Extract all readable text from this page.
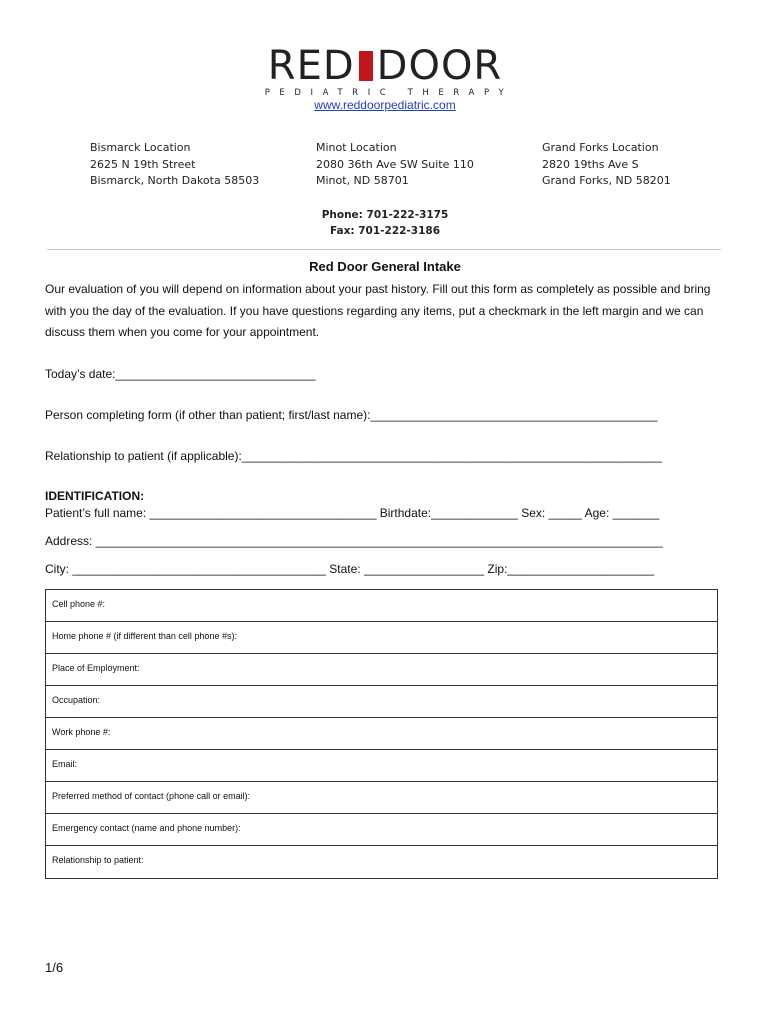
RED DOOR
PEDIATRIC THERAPY
www.reddoorpediatric.com
Bismarck Location
2625 N 19th Street
Bismarck, North Dakota 58503
Minot Location
2080 36th Ave SW Suite 110
Minot, ND 58701
Grand Forks Location
2820 19ths Ave S
Grand Forks, ND 58201
Phone: 701-222-3175
Fax: 701-222-3186
Red Door General Intake
Our evaluation of you will depend on information about your past history. Fill out this form as completely as possible and bring with you the day of the evaluation. If you have questions regarding any items, put a checkmark in the left margin and we can discuss them when you come for your appointment.
Today’s date:______________________________
Person completing form (if other than patient; first/last name):___________________________________________
Relationship to patient (if applicable):_______________________________________________________________
IDENTIFICATION:
Patient’s full name: __________________________________ Birthdate:_____________ Sex: _____ Age: _______
Address: _____________________________________________________________________________________
City: ______________________________________ State: __________________ Zip:______________________
Cell phone #:
Home phone # (if different than cell phone #s):
Place of Employment:
Occupation:
Work phone #:
Email:
Preferred method of contact (phone call or email):
Emergency contact (name and phone number):
Relationship to patient:
1/6
